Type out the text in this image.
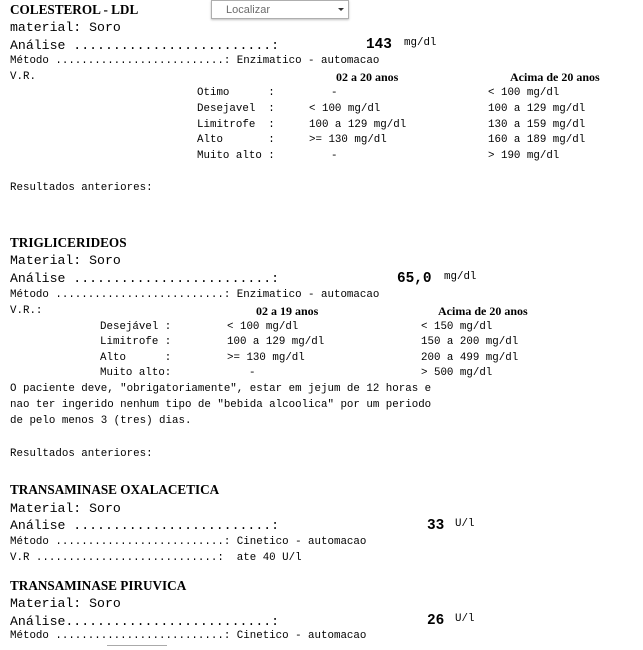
Localizar
COLESTEROL - LDL
material: Soro
Análise .........................:	143 mg/dl
Método ..........................: Enzimatico - automacao
V.R.	02 a 20 anos	Acima de 20 anos
Otimo      :	-	< 100 mg/dl
Desejavel  :	< 100 mg/dl	100 a 129 mg/dl
Limitrofe  :	100 a 129 mg/dl	130 a 159 mg/dl
Alto       :	>= 130 mg/dl	160 a 189 mg/dl
Muito alto :	-	> 190 mg/dl
Resultados anteriores:
TRIGLICERIDEOS
Material: Soro
Análise .........................:	65,0 mg/dl
Método ..........................: Enzimatico - automacao
V.R.:	02 a 19 anos	Acima de 20 anos
Desejável :	< 100 mg/dl	< 150 mg/dl
Limitrofe :	100 a 129 mg/dl	150 a 200 mg/dl
Alto      :	>= 130 mg/dl	200 a 499 mg/dl
Muito alto:	-	> 500 mg/dl
O paciente deve, "obrigatoriamente", estar em jejum de 12 horas e
nao ter ingerido nenhum tipo de "bebida alcoolica" por um periodo
de pelo menos 3 (tres) dias.
Resultados anteriores:
TRANSAMINASE OXALACETICA
Material: Soro
Análise .........................:	33 U/l
Método ..........................: Cinetico - automacao
V.R ............................:  ate 40 U/l
TRANSAMINASE PIRUVICA
Material: Soro
Análise..........................:	26 U/l
Método ..........................: Cinetico - automacao
